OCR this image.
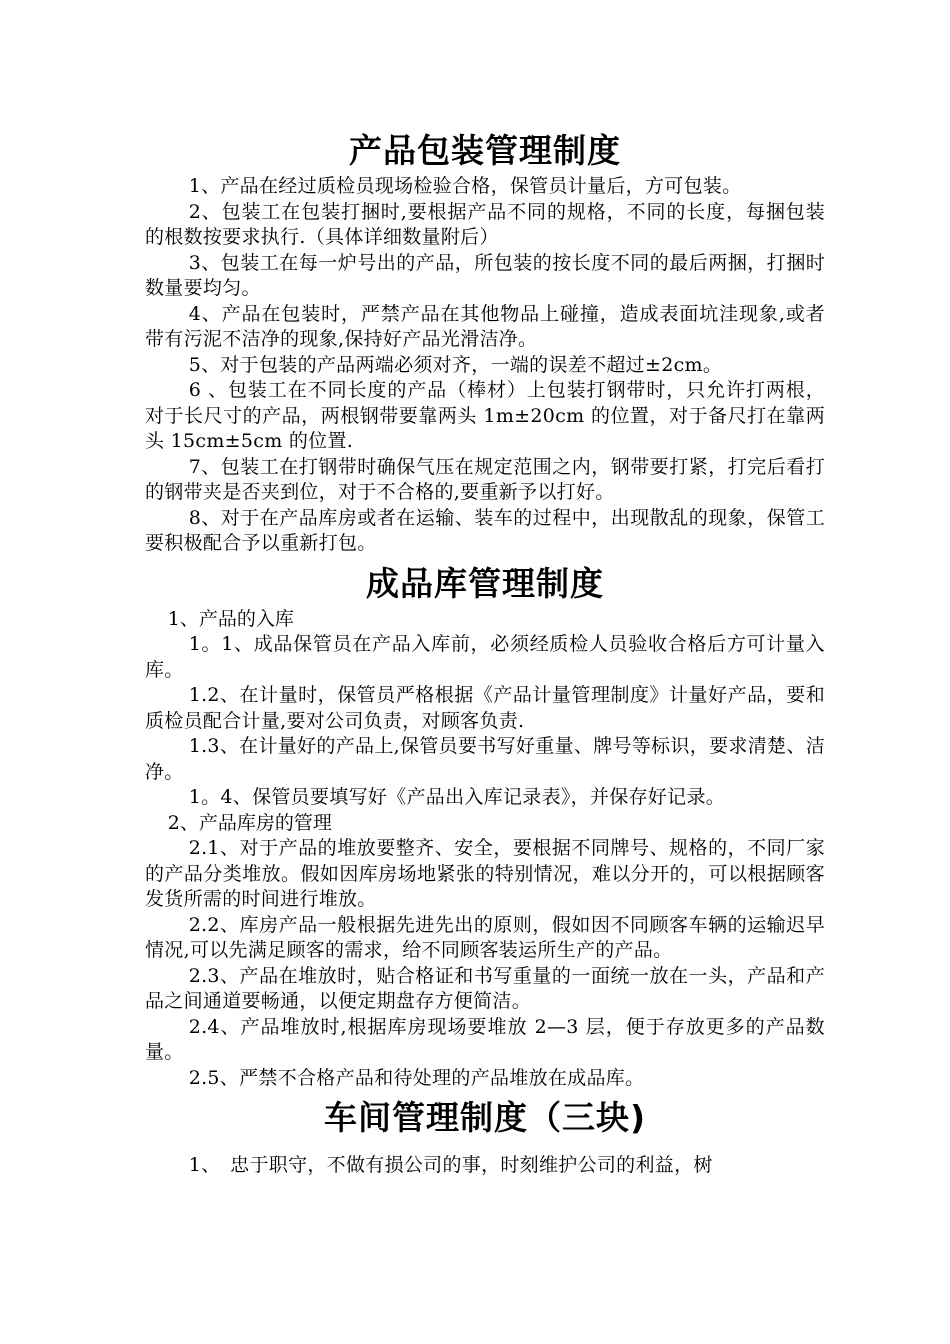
产品包装管理制度

1、产品在经过质检员现场检验合格，保管员计量后，方可包装。

2、包装工在包装打捆时,要根据产品不同的规格，不同的长度，每捆包装的根数按要求执行.（具体详细数量附后）

3、包装工在每一炉号出的产品，所包装的按长度不同的最后两捆，打捆时数量要均匀。

4、产品在包装时，严禁产品在其他物品上碰撞，造成表面坑洼现象,或者带有污泥不洁净的现象,保持好产品光滑洁净。

5、对于包装的产品两端必须对齐，一端的误差不超过±2cm。

6 、包装工在不同长度的产品（棒材）上包装打钢带时，只允许打两根，对于长尺寸的产品，两根钢带要靠两头 1m±20cm 的位置，对于备尺打在靠两头 15cm±5cm 的位置.

7、包装工在打钢带时确保气压在规定范围之内，钢带要打紧，打完后看打的钢带夹是否夹到位，对于不合格的,要重新予以打好。

8、对于在产品库房或者在运输、装车的过程中，出现散乱的现象，保管工要积极配合予以重新打包。

成品库管理制度

1、产品的入库

1。1、成品保管员在产品入库前，必须经质检人员验收合格后方可计量入库。

1.2、在计量时，保管员严格根据《产品计量管理制度》计量好产品，要和质检员配合计量,要对公司负责，对顾客负责.

1.3、在计量好的产品上,保管员要书写好重量、牌号等标识，要求清楚、洁净。

1。4、保管员要填写好《产品出入库记录表》，并保存好记录。

2、产品库房的管理

2.1、对于产品的堆放要整齐、安全，要根据不同牌号、规格的，不同厂家的产品分类堆放。假如因库房场地紧张的特别情况，难以分开的，可以根据顾客发货所需的时间进行堆放。

2.2、库房产品一般根据先进先出的原则，假如因不同顾客车辆的运输迟早情况,可以先满足顾客的需求，给不同顾客装运所生产的产品。

2.3、产品在堆放时，贴合格证和书写重量的一面统一放在一头，产品和产品之间通道要畅通，以便定期盘存方便简洁。

2.4、产品堆放时,根据库房现场要堆放 2—3 层，便于存放更多的产品数量。

2.5、严禁不合格产品和待处理的产品堆放在成品库。

车间管理制度（三块)

1、　忠于职守，不做有损公司的事，时刻维护公司的利益，树
